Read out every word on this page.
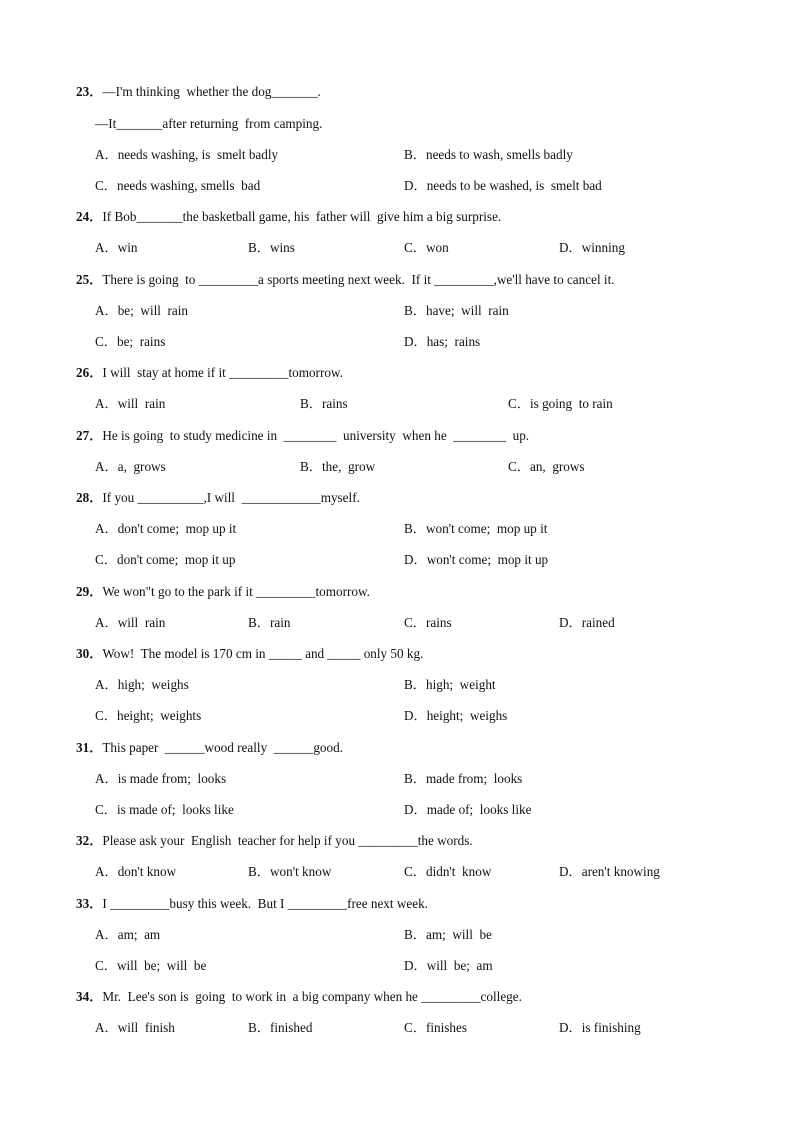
23．—I'm thinking  whether the dog_______.
—It_______after returning  from camping.
A．needs washing, is  smelt badly	B．needs to wash, smells badly
C．needs washing, smells  bad	D．needs to be washed, is  smelt bad
24．If Bob_______the basketball game, his  father will  give him a big surprise.
A．win	B．wins	C．won	D．winning
25．There is going  to _________a sports meeting next week.  If it _________,we'll have to cancel it.
A．be;  will  rain	B．have;  will  rain
C．be;  rains	D．has;  rains
26．I will  stay at home if it _________tomorrow.
A．will  rain	B．rains	C．is going  to rain
27．He is going  to study medicine in  ________  university  when he  ________  up.
A．a,  grows	B．the,  grow	C．an,  grows
28．If you __________,I will  ____________myself.
A．don't come;  mop up it	B．won't come;  mop up it
C．don't come;  mop it up	D．won't come;  mop it up
29．We won"t go to the park if it _________tomorrow.
A．will  rain	B．rain	C．rains	D．rained
30．Wow!  The model is 170 cm in _____ and _____ only 50 kg.
A．high;  weighs	B．high;  weight
C．height;  weights	D．height;  weighs
31．This paper  ______wood really  ______good.
A．is made from;  looks	B．made from;  looks
C．is made of;  looks like	D．made of;  looks like
32．Please ask your  English  teacher for help if you _________the words.
A．don't know	B．won't know	C．didn't  know	D．aren't knowing
33．I _________busy this week.  But I _________free next week.
A．am;  am	B．am;  will  be
C．will  be;  will  be	D．will  be;  am
34．Mr.  Lee's son is  going  to work in  a big company when he _________college.
A．will  finish	B．finished	C．finishes	D．is finishing
